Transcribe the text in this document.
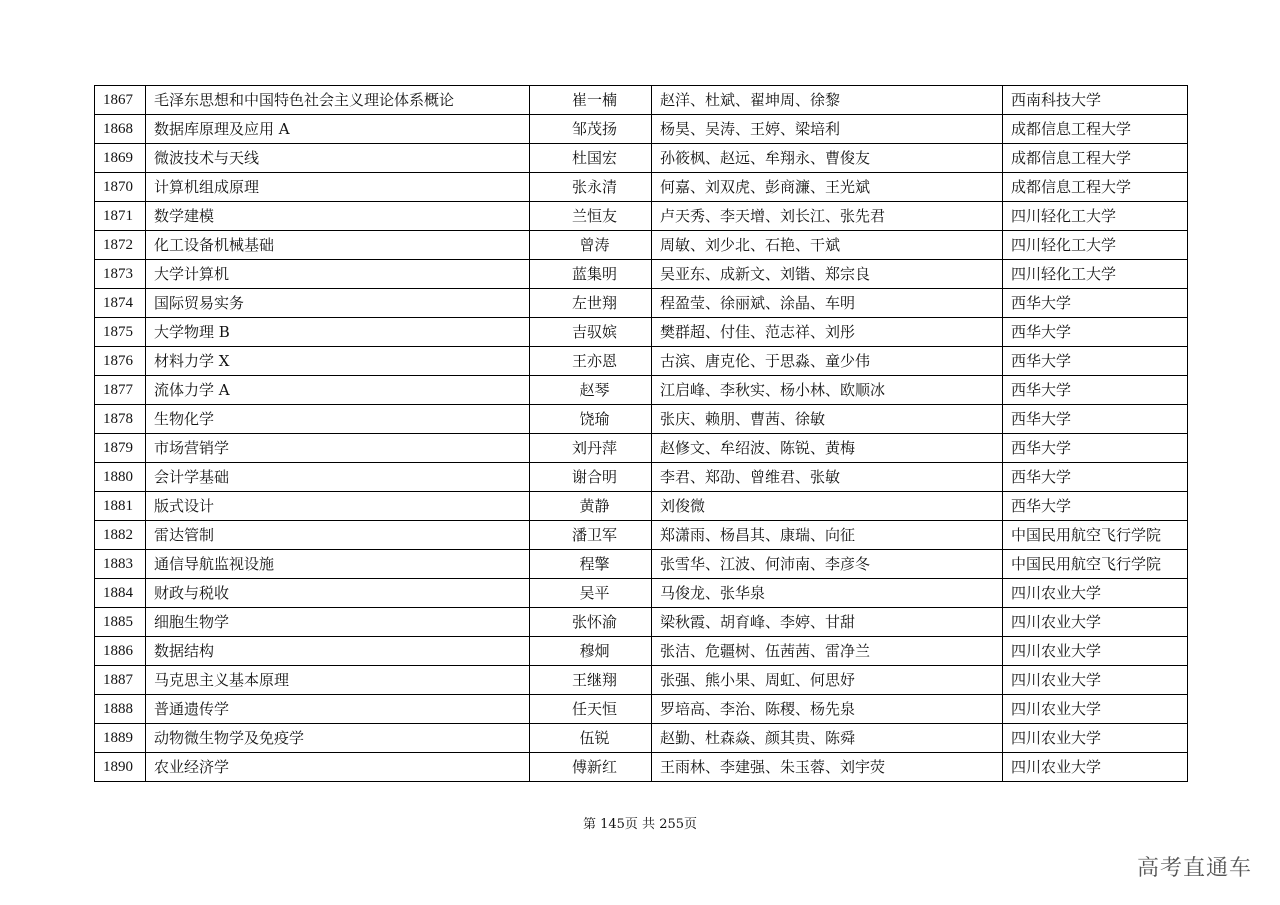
1867	毛泽东思想和中国特色社会主义理论体系概论	崔一楠	赵洋、杜斌、翟坤周、徐黎	西南科技大学
1868	数据库原理及应用 A	邹茂扬	杨昊、吴涛、王婷、梁培利	成都信息工程大学
1869	微波技术与天线	杜国宏	孙筱枫、赵远、牟翔永、曹俊友	成都信息工程大学
1870	计算机组成原理	张永清	何嘉、刘双虎、彭商濂、王光斌	成都信息工程大学
1871	数学建模	兰恒友	卢天秀、李天增、刘长江、张先君	四川轻化工大学
1872	化工设备机械基础	曾涛	周敏、刘少北、石艳、干斌	四川轻化工大学
1873	大学计算机	蓝集明	吴亚东、成新文、刘锴、郑宗良	四川轻化工大学
1874	国际贸易实务	左世翔	程盈莹、徐丽斌、涂晶、车明	西华大学
1875	大学物理 B	吉驭嫔	樊群超、付佳、范志祥、刘彤	西华大学
1876	材料力学 X	王亦恩	古滨、唐克伦、于思淼、童少伟	西华大学
1877	流体力学 A	赵琴	江启峰、李秋实、杨小林、欧顺冰	西华大学
1878	生物化学	饶瑜	张庆、赖朋、曹茜、徐敏	西华大学
1879	市场营销学	刘丹萍	赵修文、牟绍波、陈锐、黄梅	西华大学
1880	会计学基础	谢合明	李君、郑劭、曾维君、张敏	西华大学
1881	版式设计	黄静	刘俊微	西华大学
1882	雷达管制	潘卫军	郑潇雨、杨昌其、康瑞、向征	中国民用航空飞行学院
1883	通信导航监视设施	程擎	张雪华、江波、何沛南、李彦冬	中国民用航空飞行学院
1884	财政与税收	吴平	马俊龙、张华泉	四川农业大学
1885	细胞生物学	张怀渝	梁秋霞、胡育峰、李婷、甘甜	四川农业大学
1886	数据结构	穆炯	张洁、危疆树、伍茜茜、雷净兰	四川农业大学
1887	马克思主义基本原理	王继翔	张强、熊小果、周虹、何思妤	四川农业大学
1888	普通遗传学	任天恒	罗培高、李治、陈稷、杨先泉	四川农业大学
1889	动物微生物学及免疫学	伍锐	赵勤、杜森焱、颜其贵、陈舜	四川农业大学
1890	农业经济学	傅新红	王雨林、李建强、朱玉蓉、刘宇荧	四川农业大学
第 145页 共 255页
高考直通车
